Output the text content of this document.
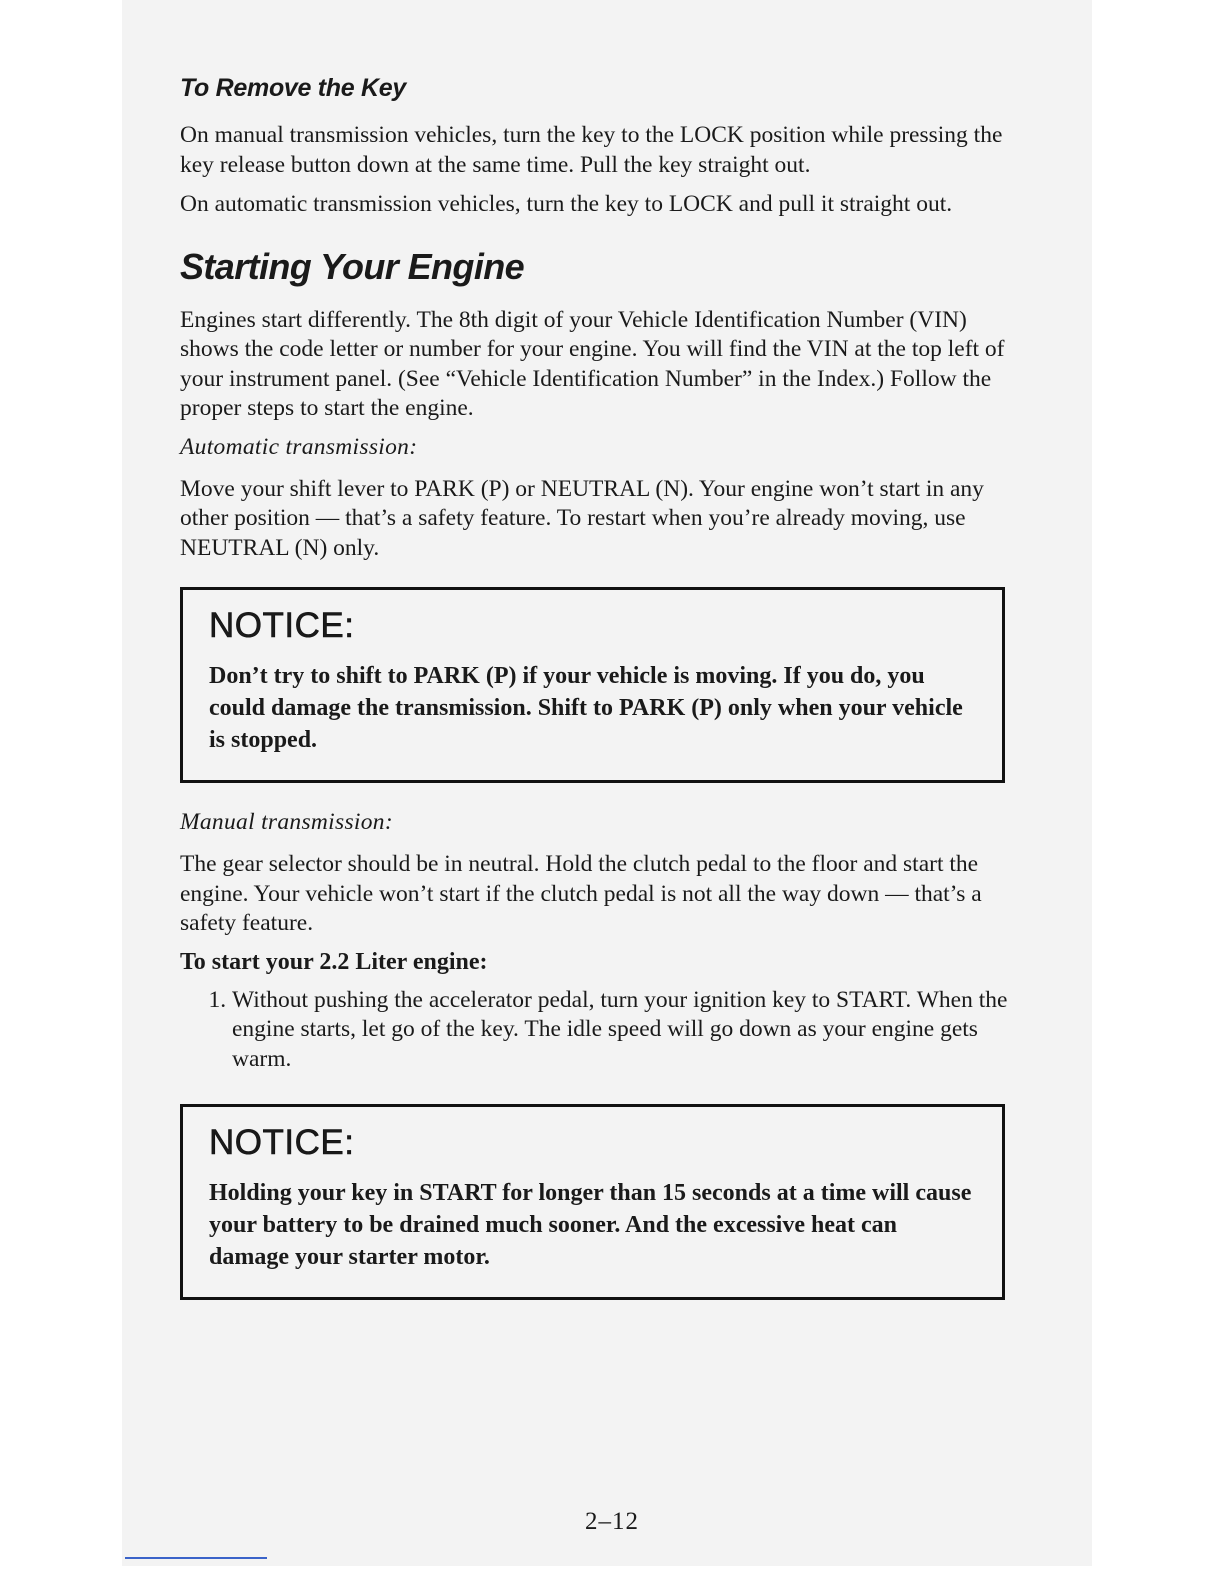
To Remove the Key

On manual transmission vehicles, turn the key to the LOCK position while pressing the key release button down at the same time. Pull the key straight out.

On automatic transmission vehicles, turn the key to LOCK and pull it straight out.

Starting Your Engine

Engines start differently. The 8th digit of your Vehicle Identification Number (VIN) shows the code letter or number for your engine. You will find the VIN at the top left of your instrument panel. (See “Vehicle Identification Number” in the Index.) Follow the proper steps to start the engine.

Automatic transmission:

Move your shift lever to PARK (P) or NEUTRAL (N). Your engine won’t start in any other position — that’s a safety feature. To restart when you’re already moving, use NEUTRAL (N) only.

NOTICE:

Don’t try to shift to PARK (P) if your vehicle is moving. If you do, you could damage the transmission. Shift to PARK (P) only when your vehicle is stopped.

Manual transmission:

The gear selector should be in neutral. Hold the clutch pedal to the floor and start the engine. Your vehicle won’t start if the clutch pedal is not all the way down — that’s a safety feature.

To start your 2.2 Liter engine:
1. Without pushing the accelerator pedal, turn your ignition key to START. When the engine starts, let go of the key. The idle speed will go down as your engine gets warm.
NOTICE:

Holding your key in START for longer than 15 seconds at a time will cause your battery to be drained much sooner. And the excessive heat can damage your starter motor.

2–12
